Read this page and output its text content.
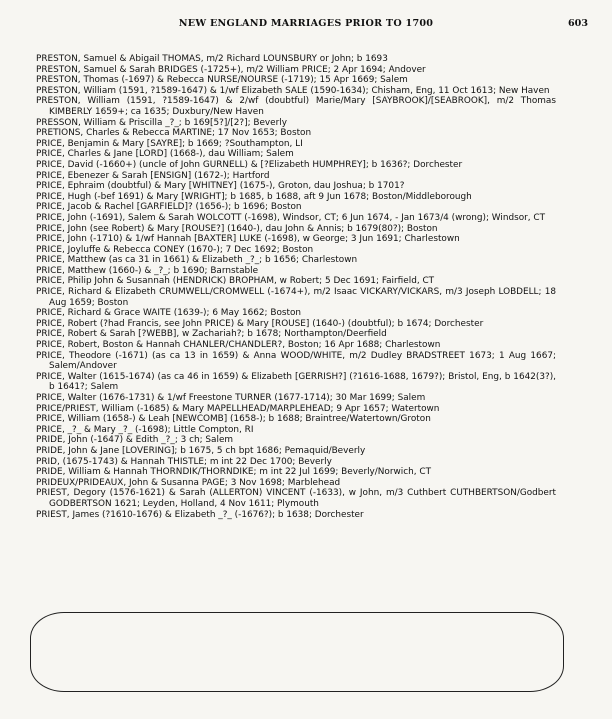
NEW ENGLAND MARRIAGES PRIOR TO 1700	603
PRESTON, Samuel & Abigail THOMAS, m/2 Richard LOUNSBURY or John; b 1693
PRESTON, Samuel & Sarah BRIDGES (-1725+), m/2 William PRICE; 2 Apr 1694; Andover
PRESTON, Thomas (-1697) & Rebecca NURSE/NOURSE (-1719); 15 Apr 1669; Salem
PRESTON, William (1591, ?1589-1647) & 1/wf Elizabeth SALE (1590-1634); Chisham, Eng, 11 Oct 1613; New Haven
PRESTON, William (1591, ?1589-1647) & 2/wf (doubtful) Marie/Mary [SAYBROOK]/[SEABROOK], m/2 Thomas KIMBERLY 1659+; ca 1635; Duxbury/New Haven
PRESSON, William & Priscilla _?_; b 169[5?]/[2?]; Beverly
PRETIONS, Charles & Rebecca MARTINE; 17 Nov 1653; Boston
PRICE, Benjamin & Mary [SAYRE]; b 1669; ?Southampton, LI
PRICE, Charles & Jane [LORD] (1668-), dau William; Salem
PRICE, David (-1660+) (uncle of John GURNELL) & [?Elizabeth HUMPHREY]; b 1636?; Dorchester
PRICE, Ebenezer & Sarah [ENSIGN] (1672-); Hartford
PRICE, Ephraim (doubtful) & Mary [WHITNEY] (1675-), Groton, dau Joshua; b 1701?
PRICE, Hugh (-bef 1691) & Mary [WRIGHT]; b 1685, b 1688, aft 9 Jun 1678; Boston/Middleborough
PRICE, Jacob & Rachel [GARFIELD]? (1656-); b 1696; Boston
PRICE, John (-1691), Salem & Sarah WOLCOTT (-1698), Windsor, CT; 6 Jun 1674, - Jan 1673/4 (wrong); Windsor, CT
PRICE, John (see Robert) & Mary [ROUSE?] (1640-), dau John & Annis; b 1679(80?); Boston
PRICE, John (-1710) & 1/wf Hannah [BAXTER] LUKE (-1698), w George; 3 Jun 1691; Charlestown
PRICE, Joyluffe & Rebecca CONEY (1670-); 7 Dec 1692; Boston
PRICE, Matthew (as ca 31 in 1661) & Elizabeth _?_; b 1656; Charlestown
PRICE, Matthew (1660-) & _?_; b 1690; Barnstable
PRICE, Philip John & Susannah (HENDRICK) BROPHAM, w Robert; 5 Dec 1691; Fairfield, CT
PRICE, Richard & Elizabeth CRUMWELL/CROMWELL (-1674+), m/2 Isaac VICKARY/VICKARS, m/3 Joseph LOBDELL; 18 Aug 1659; Boston
PRICE, Richard & Grace WAITE (1639-); 6 May 1662; Boston
PRICE, Robert (?had Francis, see John PRICE) & Mary [ROUSE] (1640-) (doubtful); b 1674; Dorchester
PRICE, Robert & Sarah [?WEBB], w Zachariah?; b 1678; Northampton/Deerfield
PRICE, Robert, Boston & Hannah CHANLER/CHANDLER?, Boston; 16 Apr 1688; Charlestown
PRICE, Theodore (-1671) (as ca 13 in 1659) & Anna WOOD/WHITE, m/2 Dudley BRADSTREET 1673; 1 Aug 1667; Salem/Andover
PRICE, Walter (1615-1674) (as ca 46 in 1659) & Elizabeth [GERRISH?] (?1616-1688, 1679?); Bristol, Eng, b 1642(3?), b 1641?; Salem
PRICE, Walter (1676-1731) & 1/wf Freestone TURNER (1677-1714); 30 Mar 1699; Salem
PRICE/PRIEST, William (-1685) & Mary MAPELLHEAD/MARPLEHEAD; 9 Apr 1657; Watertown
PRICE, William (1658-) & Leah [NEWCOMB] (1658-); b 1688; Braintree/Watertown/Groton
PRICE, _?_ & Mary _?_ (-1698); Little Compton, RI
PRIDE, John (-1647) & Edith _?_; 3 ch; Salem
PRIDE, John & Jane [LOVERING]; b 1675, 5 ch bpt 1686; Pemaquid/Beverly
PRID, (1675-1743) & Hannah THISTLE; m int 22 Dec 1700; Beverly
PRIDE, William & Hannah THORNDIK/THORNDIKE; m int 22 Jul 1699; Beverly/Norwich, CT
PRIDEUX/PRIDEAUX, John & Susanna PAGE; 3 Nov 1698; Marblehead
PRIEST, Degory (1576-1621) & Sarah (ALLERTON) VINCENT (-1633), w John, m/3 Cuthbert CUTHBERTSON/Godbert GODBERTSON 1621; Leyden, Holland, 4 Nov 1611; Plymouth
PRIEST, James (?1610-1676) & Elizabeth _?_ (-1676?); b 1638; Dorchester
